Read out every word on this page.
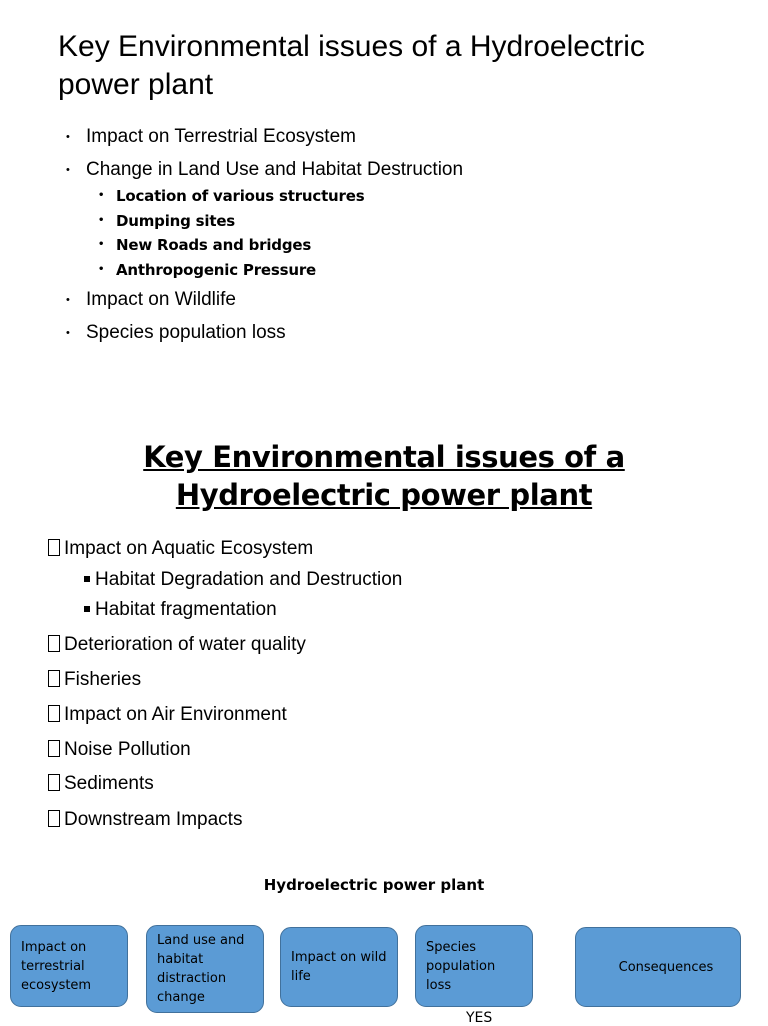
Key Environmental issues of a Hydroelectric power plant
• Impact on Terrestrial Ecosystem
• Change in Land Use and Habitat Destruction
• Location of various structures
• Dumping sites
• New Roads and bridges
• Anthropogenic Pressure
• Impact on Wildlife
• Species population loss
Key Environmental issues of a Hydroelectric power plant
Impact on Aquatic Ecosystem
Habitat Degradation and Destruction
Habitat fragmentation
Deterioration of water quality
Fisheries
Impact on Air Environment
Noise Pollution
Sediments
Downstream Impacts
Hydroelectric power plant
Impact on terrestrial ecosystem
Land use and habitat distraction change
Impact on wild life
Species population loss
Consequences
YES
